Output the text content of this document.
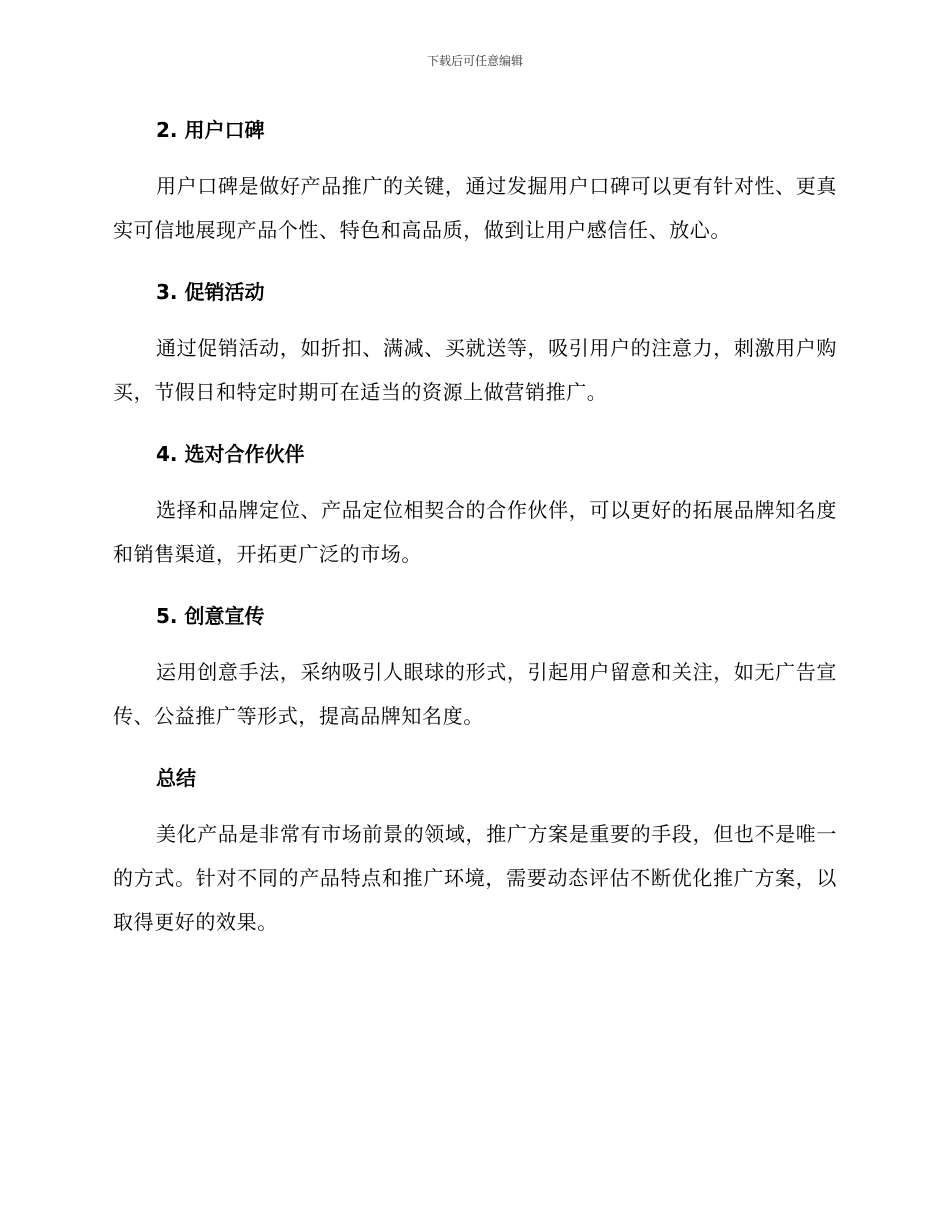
下载后可任意编辑
2. 用户口碑

用户口碑是做好产品推广的关键，通过发掘用户口碑可以更有针对性、更真实可信地展现产品个性、特色和高品质，做到让用户感信任、放心。

3. 促销活动

通过促销活动，如折扣、满减、买就送等，吸引用户的注意力，刺激用户购买，节假日和特定时期可在适当的资源上做营销推广。

4. 选对合作伙伴

选择和品牌定位、产品定位相契合的合作伙伴，可以更好的拓展品牌知名度和销售渠道，开拓更广泛的市场。

5. 创意宣传

运用创意手法，采纳吸引人眼球的形式，引起用户留意和关注，如无广告宣传、公益推广等形式，提高品牌知名度。

总结

美化产品是非常有市场前景的领域，推广方案是重要的手段，但也不是唯一的方式。针对不同的产品特点和推广环境，需要动态评估不断优化推广方案，以取得更好的效果。
